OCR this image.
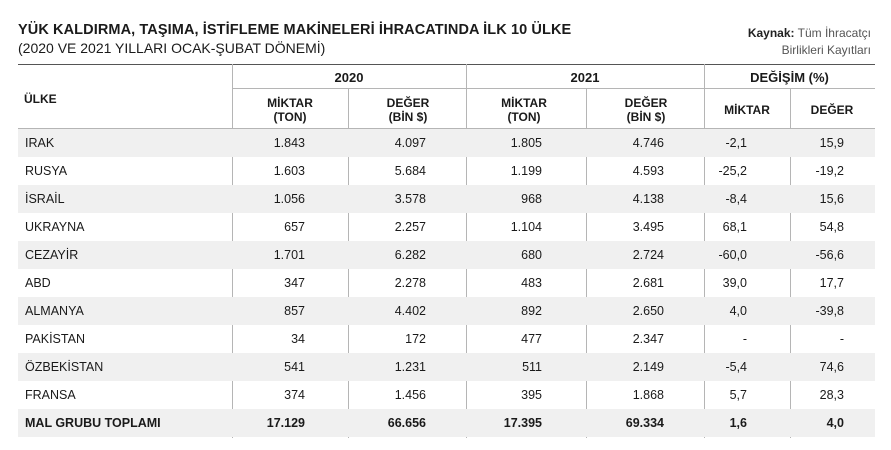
YÜK KALDIRMA, TAŞIMA, İSTİFLEME MAKİNELERİ İHRACATINDA İLK 10 ÜLKE
(2020 VE 2021 YILLARI OCAK-ŞUBAT DÖNEMİ)
Kaynak: Tüm İhracatçı
Birlikleri Kayıtları
2020	2021	DEĞİŞİM (%)
ÜLKE	MİKTAR
(TON)
DEĞER
(BİN $)
MİKTAR
(TON)
DEĞER
(BİN $)	MİKTAR	DEĞER
IRAK	1.843	4.097	1.805	4.746	-2,1	15,9
RUSYA	1.603	5.684	1.199	4.593	-25,2	-19,2
İSRAİL	1.056	3.578	968	4.138	-8,4	15,6
UKRAYNA	657	2.257	1.104	3.495	68,1	54,8
CEZAYİR	1.701	6.282	680	2.724	-60,0	-56,6
ABD	347	2.278	483	2.681	39,0	17,7
ALMANYA	857	4.402	892	2.650	4,0	-39,8
PAKİSTAN	34	172	477	2.347	-	-
ÖZBEKİSTAN	541	1.231	511	2.149	-5,4	74,6
FRANSA	374	1.456	395	1.868	5,7	28,3
MAL GRUBU TOPLAMI	17.129	66.656	17.395	69.334	1,6	4,0
